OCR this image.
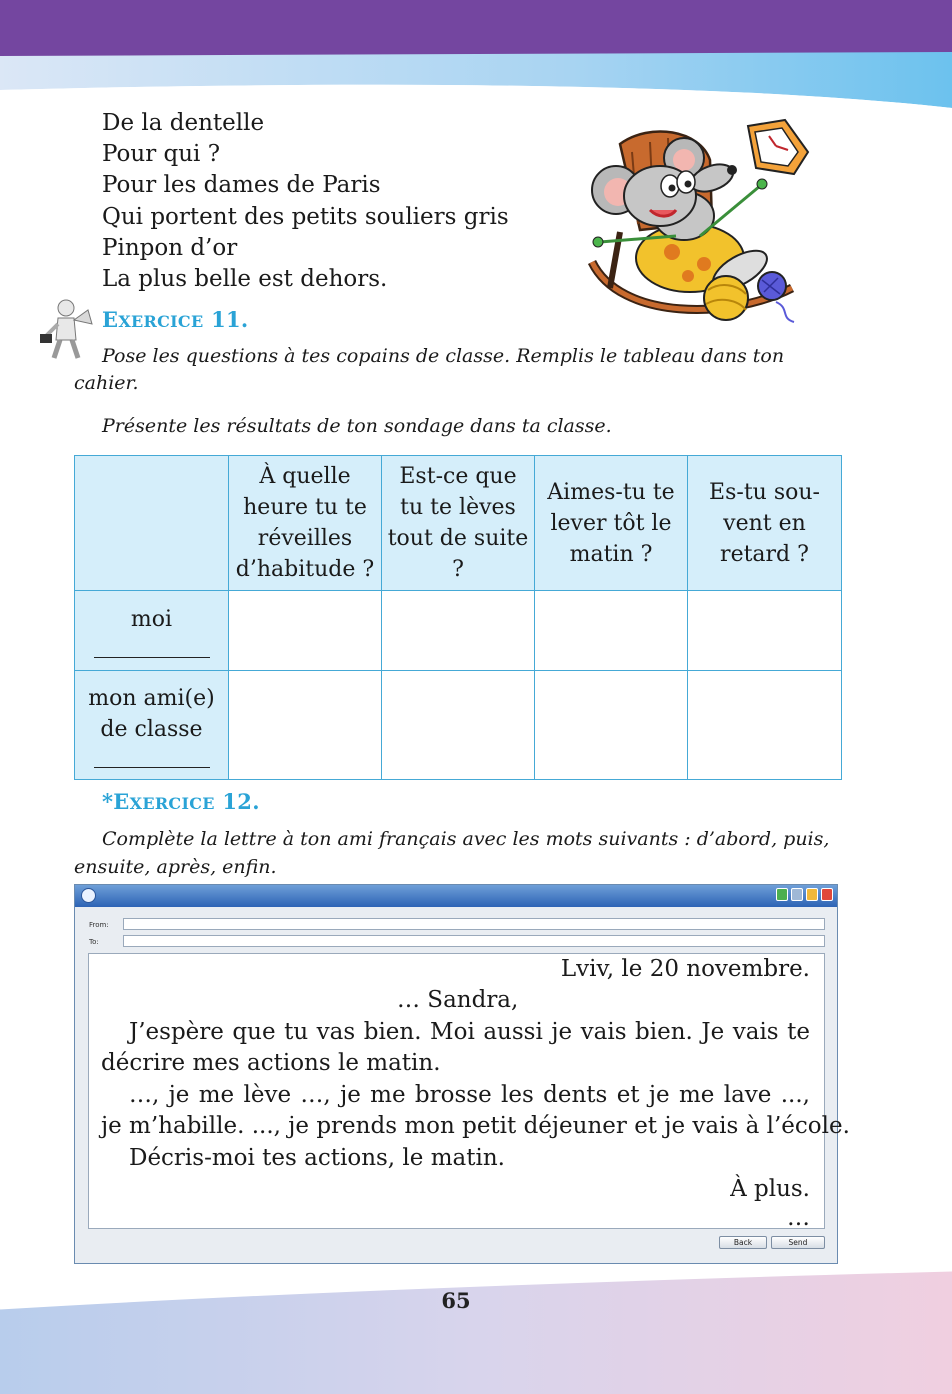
De la dentelle
Pour qui ?
Pour les dames de Paris
Qui portent des petits souliers gris
Pinpon d’or
La plus belle est dehors.
EXERCICE 11.
Pose les questions à tes copains de classe. Remplis le tableau dans ton cahier.
Présente les résultats de ton sondage dans ta classe.
	À quelle heure tu te réveilles d’habitude ?	Est-ce que tu te lèves tout de suite ?	Aimes-tu te lever tôt le matin ?	Es-tu souvent en retard ?
moi

mon ami(e) de classe

*EXERCICE 12.
Complète la lettre à ton ami français avec les mots suivants : d’abord, puis, ensuite, après, enfin.
From:
To:
Lviv, le 20 novembre.
… Sandra,
J’espère que tu vas bien. Moi aussi je vais bien. Je vais te
décrire mes actions le matin.
…, je me lève …, je me brosse les dents et je me lave ...,
je m’habille. ..., je prends mon petit déjeuner et je vais à l’école.
Décris-moi tes actions, le matin.
À plus.
…
Back	Send
65
